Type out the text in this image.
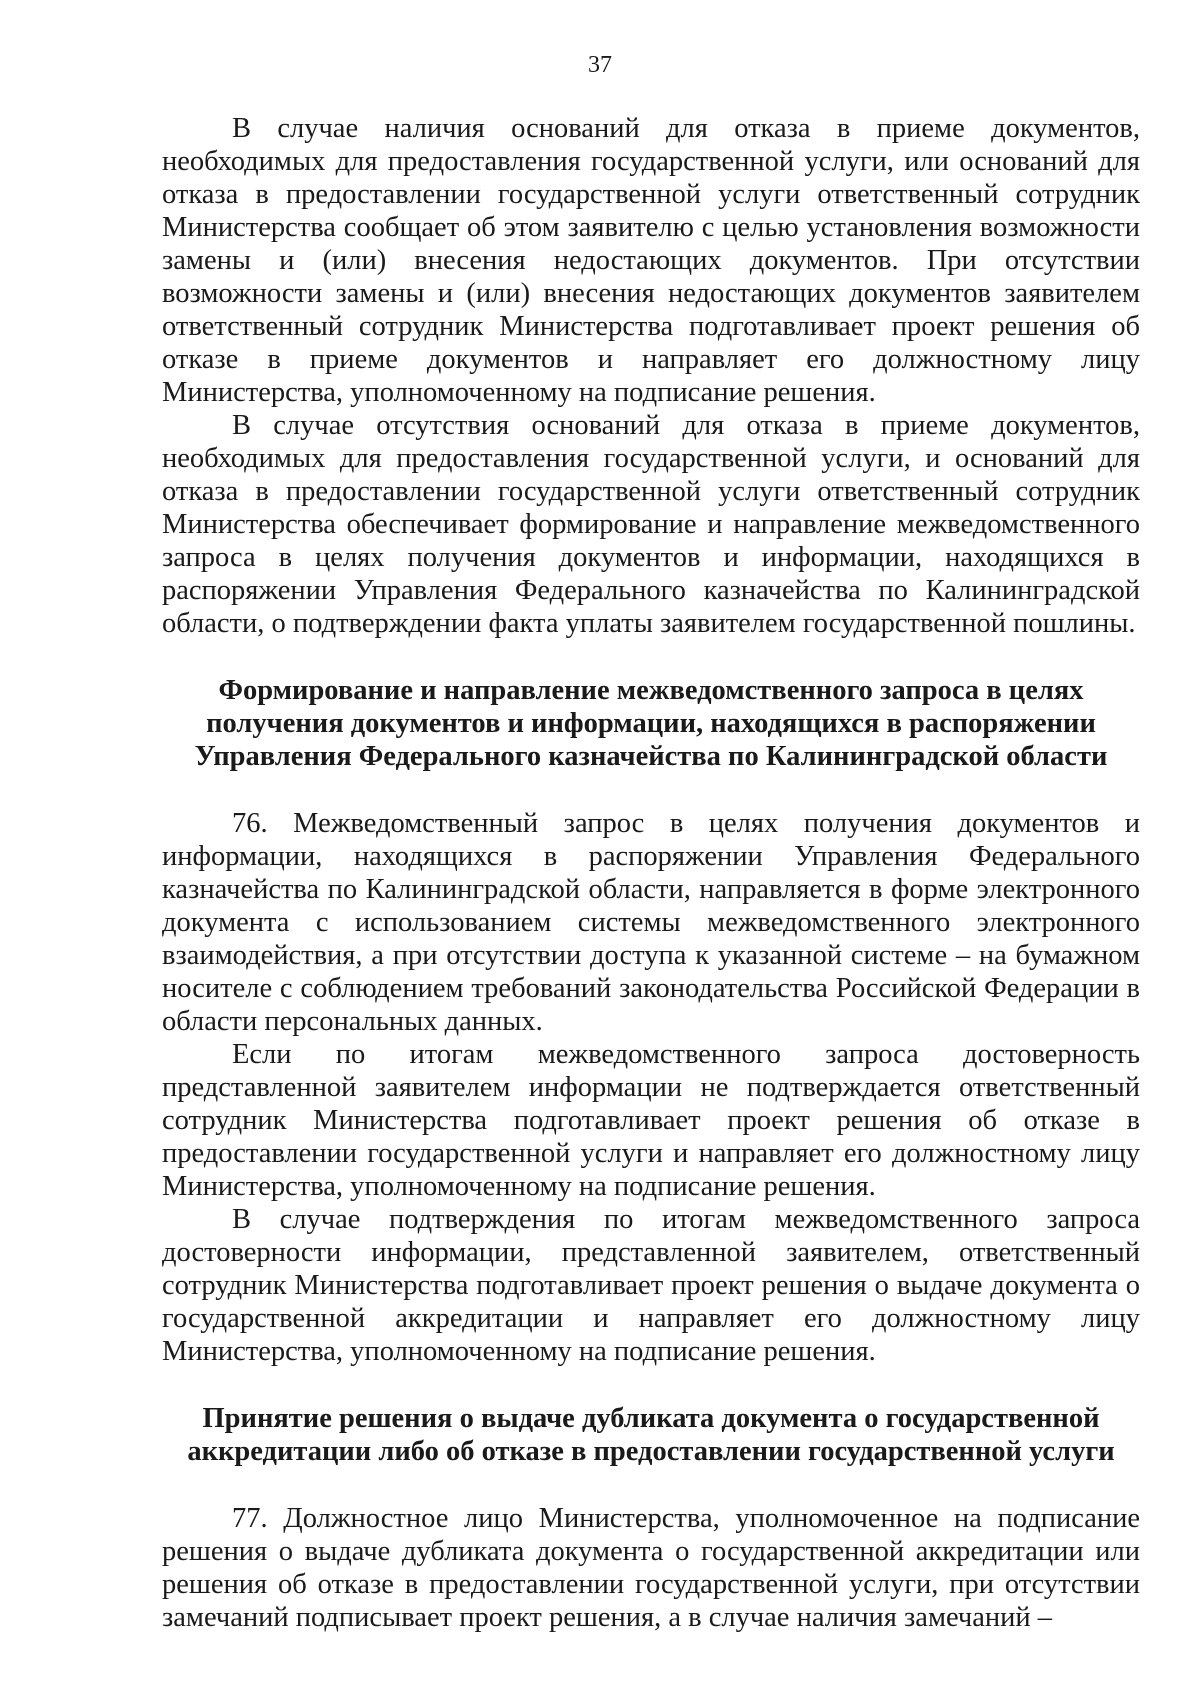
37

В случае наличия оснований для отказа в приеме документов, необходимых для предоставления государственной услуги, или оснований для отказа в предоставлении государственной услуги ответственный сотрудник Министерства сообщает об этом заявителю с целью установления возможности замены и (или) внесения недостающих документов. При отсутствии возможности замены и (или) внесения недостающих документов заявителем ответственный сотрудник Министерства подготавливает проект решения об отказе в приеме документов и направляет его должностному лицу Министерства, уполномоченному на подписание решения.

В случае отсутствия оснований для отказа в приеме документов, необходимых для предоставления государственной услуги, и оснований для отказа в предоставлении государственной услуги ответственный сотрудник Министерства обеспечивает формирование и направление межведомственного запроса в целях получения документов и информации, находящихся в распоряжении Управления Федерального казначейства по Калининградской области, о подтверждении факта уплаты заявителем государственной пошлины.

Формирование и направление межведомственного запроса в целях получения документов и информации, находящихся в распоряжении Управления Федерального казначейства по Калининградской области

76. Межведомственный запрос в целях получения документов и информации, находящихся в распоряжении Управления Федерального казначейства по Калининградской области, направляется в форме электронного документа с использованием системы межведомственного электронного взаимодействия, а при отсутствии доступа к указанной системе – на бумажном носителе с соблюдением требований законодательства Российской Федерации в области персональных данных.

Если по итогам межведомственного запроса достоверность представленной заявителем информации не подтверждается ответственный сотрудник Министерства подготавливает проект решения об отказе в предоставлении государственной услуги и направляет его должностному лицу Министерства, уполномоченному на подписание решения.

В случае подтверждения по итогам межведомственного запроса достоверности информации, представленной заявителем, ответственный сотрудник Министерства подготавливает проект решения о выдаче документа о государственной аккредитации и направляет его должностному лицу Министерства, уполномоченному на подписание решения.

Принятие решения о выдаче дубликата документа о государственной аккредитации либо об отказе в предоставлении государственной услуги

77. Должностное лицо Министерства, уполномоченное на подписание решения о выдаче дубликата документа о государственной аккредитации или решения об отказе в предоставлении государственной услуги, при отсутствии замечаний подписывает проект решения, а в случае наличия замечаний –
